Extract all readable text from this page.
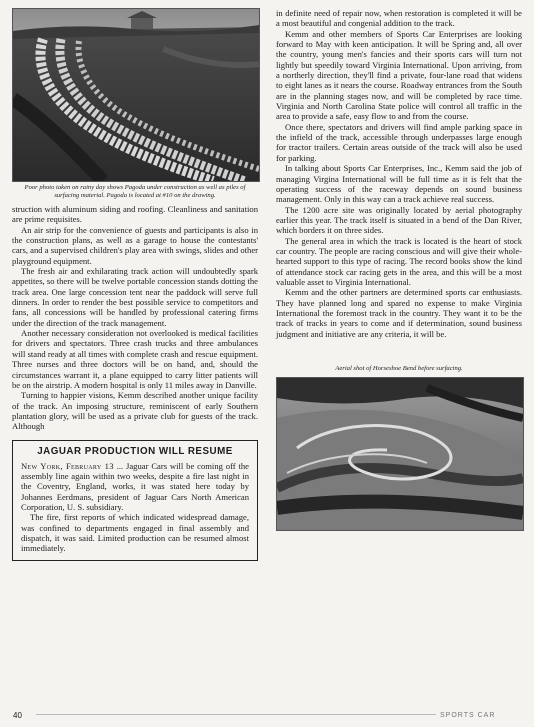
Poor photo taken on rainy day shows Pagoda under construction as well as piles of surfacing material. Pagoda is located at #10 on the drawing.

struction with aluminum siding and roofing. Cleanliness and sanitation are prime requisites.

An air strip for the convenience of guests and participants is also in the construction plans, as well as a garage to house the contestants' cars, and a supervised children's play area with swings, slides and other playground equipment.

The fresh air and exhilarating track action will undoubtedly spark appetites, so there will be twelve portable concession stands dotting the track area. One large concession tent near the paddock will serve full dinners. In order to render the best possible service to competitors and fans, all concessions will be handled by professional catering firms under the direction of the track management.

Another necessary consideration not overlooked is medical facilities for drivers and spectators. Three crash trucks and three ambulances will stand ready at all times with complete crash and rescue equipment. Three nurses and three doctors will be on hand, and, should the circumstances warrant it, a plane equipped to carry litter patients will be on the airstrip. A modern hospital is only 11 miles away in Danville.

Turning to happier visions, Kemm described another unique facility of the track. An imposing structure, reminiscent of early Southern plantation glory, will be used as a private club for guests of the track. Although

JAGUAR PRODUCTION WILL RESUME

New York, February 13 ... Jaguar Cars will be coming off the assembly line again within two weeks, despite a fire last night in the Coventry, England, works, it was stated here today by Johannes Eerdmans, president of Jaguar Cars North American Corporation, U. S. subsidiary.

The fire, first reports of which indicated widespread damage, was confined to departments engaged in final assembly and dispatch, it was said. Limited production can be resumed almost immediately.

in definite need of repair now, when restoration is completed it will be a most beautiful and congenial addition to the track.

Kemm and other members of Sports Car Enterprises are looking forward to May with keen anticipation. It will be Spring and, all over the country, young men's fancies and their sports cars will turn not lightly but speedily toward Virginia International. Upon arriving, from a northerly direction, they'll find a private, four-lane road that widens to eight lanes as it nears the course. Roadway entrances from the South are in the planning stages now, and will be completed by race time. Virginia and North Carolina State police will control all traffic in the area to provide a safe, easy flow to and from the course.

Once there, spectators and drivers will find ample parking space in the infield of the track, accessible through underpasses large enough for tractor trailers. Certain areas outside of the track will also be used for parking.

In talking about Sports Car Enterprises, Inc., Kemm said the job of managing Virgina International will be full time as it is felt that the operating success of the raceway depends on sound business management. Only in this way can a track achieve real success.

The 1200 acre site was originally located by aerial photography earlier this year. The track itself is situated in a bend of the Dan River, which borders it on three sides.

The general area in which the track is located is the heart of stock car country. The people are racing conscious and will give their whole-hearted support to this type of racing. The record books show the kind of attendance stock car racing gets in the area, and this will be a most valuable asset to Virginia International.

Kemm and the other partners are determined sports car enthusiasts. They have planned long and spared no expense to make Virginia International the foremost track in the country. They want it to be the track of tracks in years to come and if determination, sound business judgment and initiative are any criteria, it will be.

Aerial shot of Horseshoe Bend before surfacing.
40	SPORTS CAR
